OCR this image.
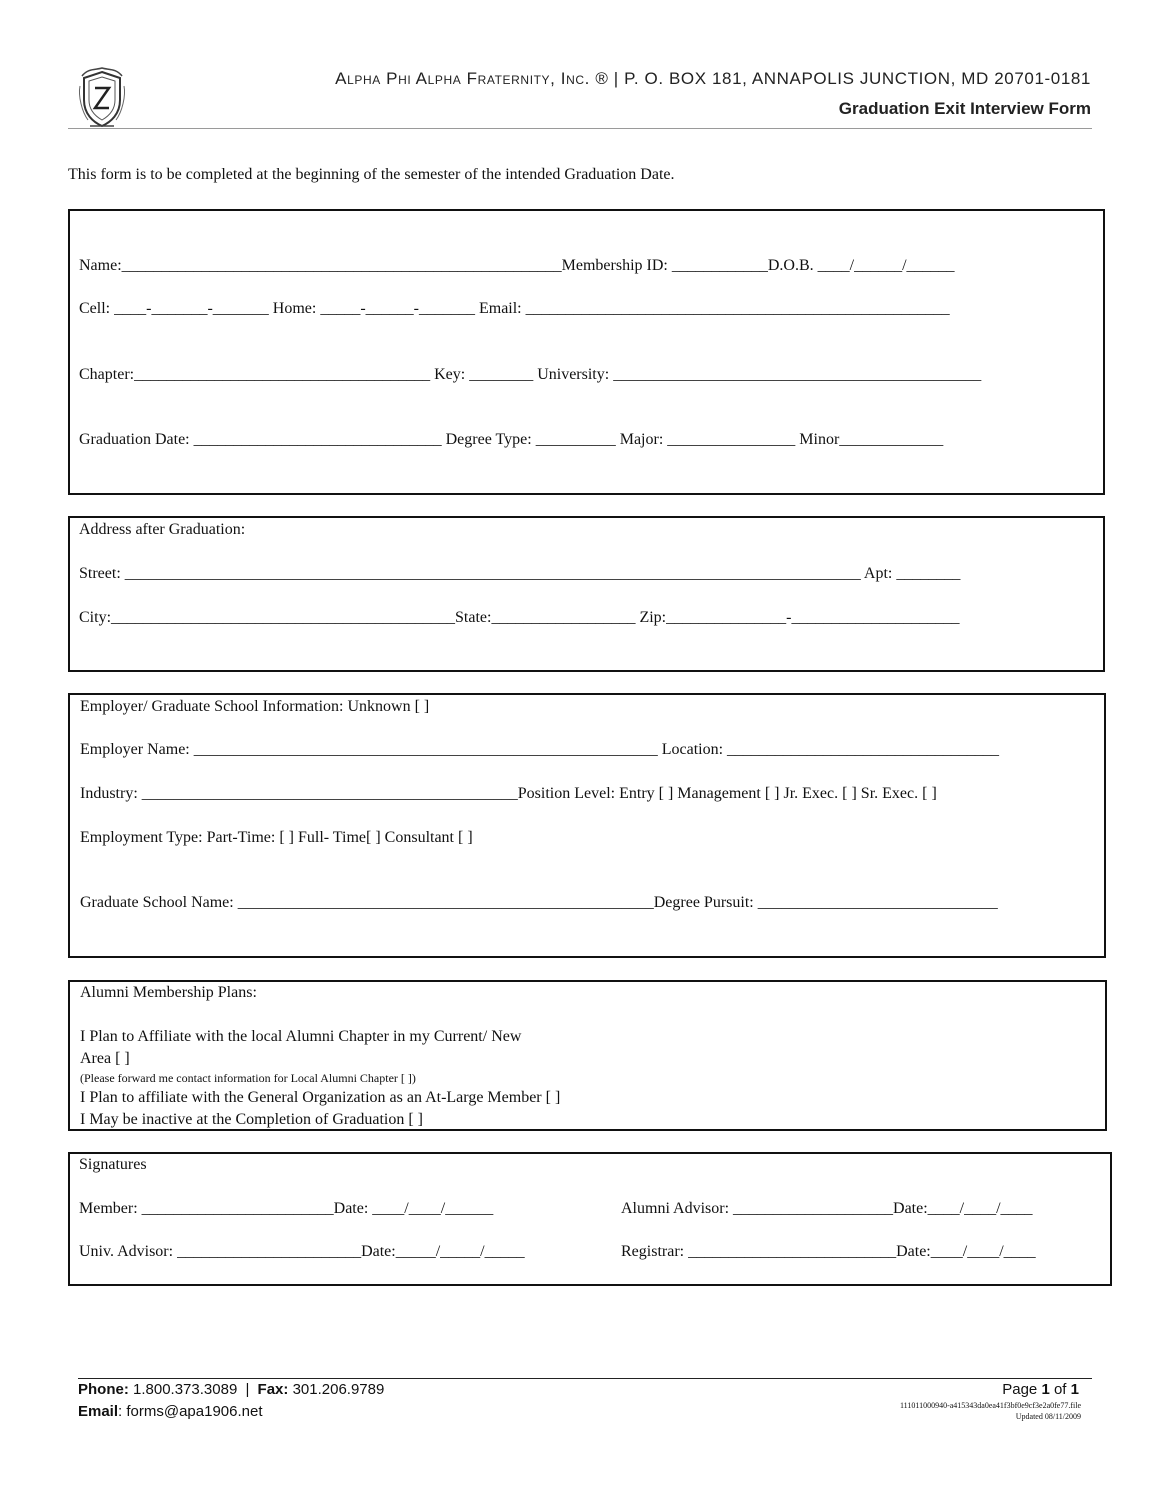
Alpha Phi Alpha Fraternity, Inc. ® | P. O. BOX 181, ANNAPOLIS JUNCTION, MD 20701-0181
Graduation Exit Interview Form
This form is to be completed at the beginning of the semester of the intended Graduation Date.
Name:_______________________________________________________Membership ID: ____________D.O.B. ____/______/______
Cell: ____-_______-_______ Home: _____-______-_______ Email: _____________________________________________________
Chapter:_____________________________________ Key: ________ University: ______________________________________________
Graduation Date: _______________________________ Degree Type: __________ Major: ________________ Minor_____________
Address after Graduation:
Street: ____________________________________________________________________________________________ Apt: ________
City:___________________________________________State:__________________ Zip:_______________-_____________________
Employer/ Graduate School Information: Unknown [ ]
Employer Name: __________________________________________________________ Location: __________________________________
Industry: _______________________________________________Position Level: Entry [ ] Management [ ] Jr. Exec. [ ] Sr. Exec. [ ]
Employment Type: Part-Time: [ ] Full- Time[ ] Consultant [ ]
Graduate School Name: ____________________________________________________Degree Pursuit: ______________________________
Alumni Membership Plans:
I Plan to Affiliate with the local Alumni Chapter in my Current/ New
Area [ ]
(Please forward me contact information for Local Alumni Chapter [ ])
I Plan to affiliate with the General Organization as an At-Large Member [ ]
I May be inactive at the Completion of Graduation [ ]
Signatures
Member: ________________________Date: ____/____/______	Alumni Advisor: ____________________Date:____/____/____
Univ. Advisor: _______________________Date:_____/_____/_____	Registrar: __________________________Date:____/____/____
Phone: 1.800.373.3089 | Fax: 301.206.9789
Email: forms@apa1906.net
Page 1 of 1
111011000940-a415343da0ea41f3bf0e9cf3e2a0fe77.file
Updated 08/11/2009
